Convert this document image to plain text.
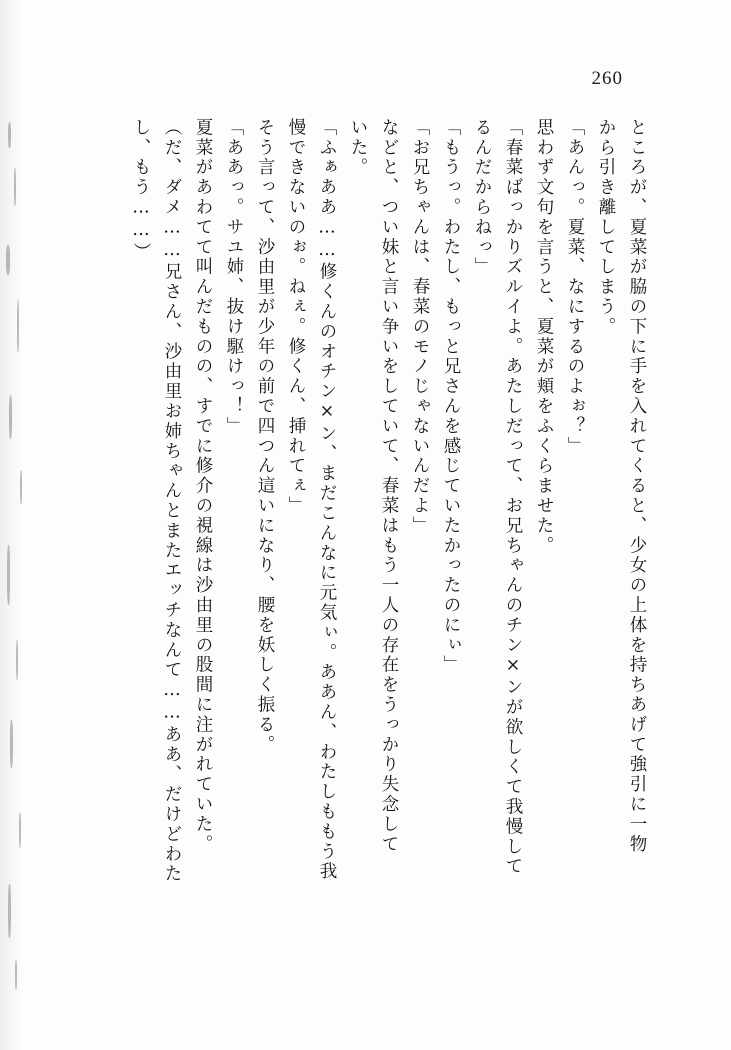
260
ところが、夏菜が脇の下に手を入れてくると、少女の上体を持ちあげて強引に一物
から引き離してしまう。
「あんっ。夏菜、なにするのよぉ？」
思わず文句を言うと、夏菜が頬をふくらませた。
「春菜ばっかりズルイよ。あたしだって、お兄ちゃんのチン×ンが欲しくて我慢して
るんだからねっ」
「もうっ。わたし、もっと兄さんを感じていたかったのにぃ」
「お兄ちゃんは、春菜のモノじゃないんだよ」
などと、つい妹と言い争いをしていて、春菜はもう一人の存在をうっかり失念して
いた。
「ふぁああ……修くんのオチン×ン、まだこんなに元気ぃ。ああん、わたしももう我
慢できないのぉ。ねぇ。修くん、挿れてぇ」
そう言って、沙由里が少年の前で四つん這いになり、腰を妖しく振る。
「ああっ。サユ姉、抜け駆けっ！」
夏菜があわてて叫んだものの、すでに修介の視線は沙由里の股間に注がれていた。
（だ、ダメ……兄さん、沙由里お姉ちゃんとまたエッチなんて……ああ、だけどわた
し、もう……）
